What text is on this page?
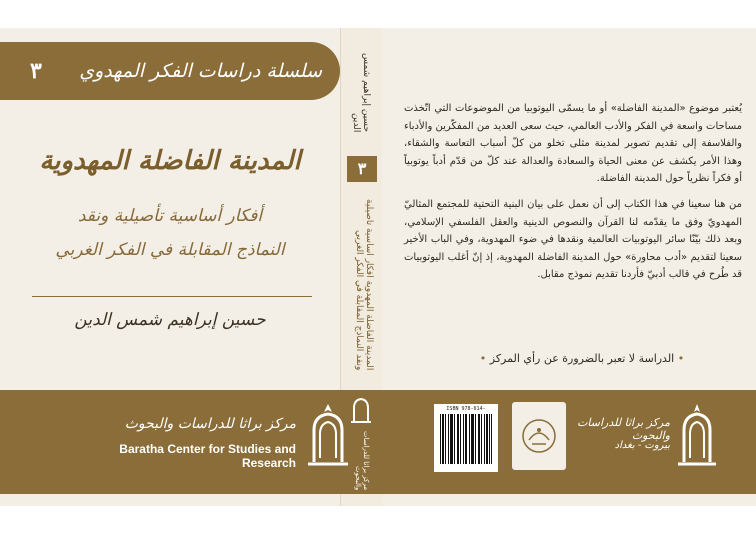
٣ سلسلة دراسات الفكر المهدوي
المدينة الفاضلة المهدوية
أفكار أساسية تأصيلية ونقد
النماذج المقابلة في الفكر الغربي
حسين إبراهيم شمس الدين
حسين إبراهيم شمس الدين
٣
المدينة الفاضلة المهدوية أفكار أساسية تأصيلية ونقد النماذج المقابلة في الفكر الغربي

يُعتبر موضوع «المدينة الفاضلة» أو ما يسمّى اليوتوبيا من الموضوعات التي اتّخذت مساحات واسعة في الفكر والأدب العالمي، حيث سعى العديد من المفكّرين والأدباء والفلاسفة إلى تقديم تصوير لمدينة مثلى تخلو من كلّ أسباب التعاسة والشقاء، وهذا الأمر يكشف عن معنى الحياة والسعادة والعدالة عند كلّ من قدّم أدباً يوتوبياً أو فكراً نظرياً حول المدينة الفاضلة.

من هنا سعينا في هذا الكتاب إلى أن نعمل على بيان البنية التحتية للمجتمع المثاليّ المهدويّ وفق ما يقدّمه لنا القرآن والنصوص الدينية والعقل الفلسفي الإسلامي، وبعد ذلك بيّنّا سائر اليوتوبيات العالمية ونقدها في ضوء المهدوية، وفي الباب الأخير سعينا لتقديم «أدب محاورة» حول المدينة الفاضلة المهدوية، إذ إنّ أغلب اليوتوبيات قد طُرح في قالب أدبيّ فأردنا تقديم نموذج مقابل.

• الدراسة لا تعبر بالضرورة عن رأي المركز •
مركز براثا للدراسات والبحوث
Baratha Center for Studies and Research	مركز براثا للدراسات والبحوث
ISBN 978-614-
مركز براثا للدراسات والبحوث
بيروت - بغداد
